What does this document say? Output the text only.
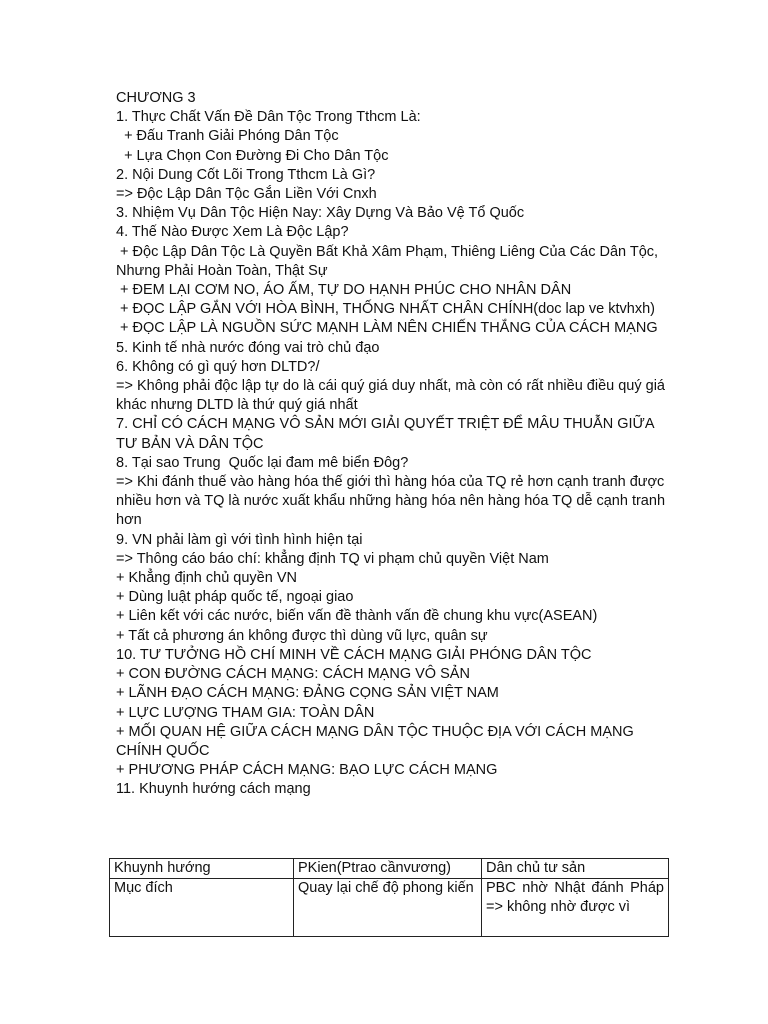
CHƯƠNG 3
1. Thực Chất Vấn Đề Dân Tộc Trong Tthcm Là:
+ Đấu Tranh Giải Phóng Dân Tộc
+ Lựa Chọn Con Đường Đi Cho Dân Tộc
2. Nội Dung Cốt Lõi Trong Tthcm Là Gì?
=> Độc Lập Dân Tộc Gắn Liền Với Cnxh
3. Nhiệm Vụ Dân Tộc Hiện Nay: Xây Dựng Và Bảo Vệ Tổ Quốc
4. Thế Nào Được Xem Là Độc Lập?
+ Độc Lập Dân Tộc Là Quyền Bất Khả Xâm Phạm, Thiêng Liêng Của Các Dân Tộc, Nhưng Phải Hoàn Toàn, Thật Sự
+ ĐEM LẠI CƠM NO, ÁO ẤM, TỰ DO HẠNH PHÚC CHO NHÂN DÂN
+ ĐỌC LẬP GẮN VỚI HÒA BÌNH, THỐNG NHẤT CHÂN CHÍNH(doc lap ve ktvhxh)
+ ĐỌC LẬP LÀ NGUỒN SỨC MẠNH LÀM NÊN CHIẾN THẮNG CỦA CÁCH MẠNG
5. Kinh tế nhà nước đóng vai trò chủ đạo
6. Không có gì quý hơn DLTD?/
=> Không phải độc lập tự do là cái quý giá duy nhất, mà còn có rất nhiều điều quý giá khác nhưng DLTD là thứ quý giá nhất
7. CHỈ CÓ CÁCH MẠNG VÔ SẢN MỚI GIẢI QUYẾT TRIỆT ĐỂ MÂU THUẪN GIỮA TƯ BẢN VÀ DÂN TỘC
8. Tại sao Trung  Quốc lại đam mê biển Đôg?
=> Khi đánh thuế vào hàng hóa thế giới thì hàng hóa của TQ rẻ hơn cạnh tranh được nhiều hơn và TQ là nước xuất khẩu những hàng hóa nên hàng hóa TQ dễ cạnh tranh hơn
9. VN phải làm gì với tình hình hiện tại
=> Thông cáo báo chí: khẳng định TQ vi phạm chủ quyền Việt Nam
+ Khẳng định chủ quyền VN
+ Dùng luật pháp quốc tế, ngoại giao
+ Liên kết với các nước, biến vấn đề thành vấn đề chung khu vực(ASEAN)
+ Tất cả phương án không được thì dùng vũ lực, quân sự
10. TƯ TƯỞNG HỒ CHÍ MINH VỀ CÁCH MẠNG GIẢI PHÓNG DÂN TỘC
+ CON ĐƯỜNG CÁCH MẠNG: CÁCH MẠNG VÔ SẢN
+ LÃNH ĐẠO CÁCH MẠNG: ĐẢNG CỌNG SẢN VIỆT NAM
+ LỰC LƯỢNG THAM GIA: TOÀN DÂN
+ MỐI QUAN HỆ GIỮA CÁCH MẠNG DÂN TỘC THUỘC ĐỊA VỚI CÁCH MẠNG CHÍNH QUỐC
+ PHƯƠNG PHÁP CÁCH MẠNG: BẠO LỰC CÁCH MẠNG
11. Khuynh hướng cách mạng
Khuynh hướng	PKien(Ptrao cầnvương)	Dân chủ tư sản
Mục đích	Quay lại chế độ phong kiến	PBC nhờ Nhật đánh Pháp => không nhờ được vì
